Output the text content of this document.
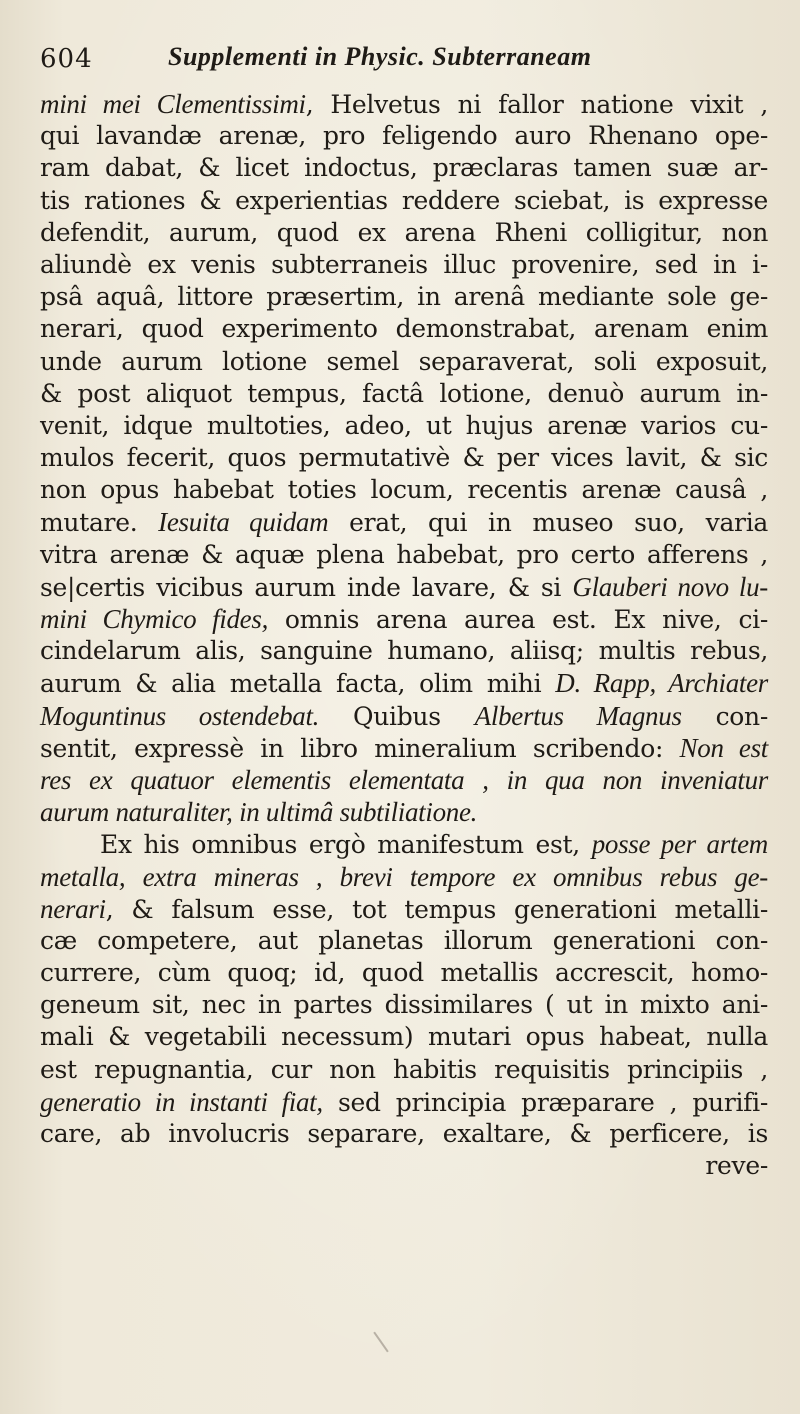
604	Supplementi in Physic. Subterraneam
mini mei Clementissimi, Helvetus ni fallor natione vixit ,
qui lavandæ arenæ, pro feligendo auro Rhenano ope-
ram dabat, & licet indoctus, præclaras tamen suæ ar-
tis rationes & experientias reddere sciebat, is expresse
defendit, aurum, quod ex arena Rheni colligitur, non
aliundè ex venis subterraneis illuc provenire, sed in i-
psâ aquâ, littore præsertim, in arenâ mediante sole ge-
nerari, quod experimento demonstrabat, arenam enim
unde aurum lotione semel separaverat, soli exposuit,
& post aliquot tempus, factâ lotione, denuò aurum in-
venit, idque multoties, adeo, ut hujus arenæ varios cu-
mulos fecerit, quos permutativè & per vices lavit, & sic
non opus habebat toties locum, recentis arenæ causâ ,
mutare. Iesuita quidam erat, qui in museo suo, varia
vitra arenæ & aquæ plena habebat, pro certo afferens ,
se|certis vicibus aurum inde lavare, & si Glauberi novo lu-
mini Chymico fides, omnis arena aurea est. Ex nive, ci-
cindelarum alis, sanguine humano, aliisq; multis rebus,
aurum & alia metalla facta, olim mihi D. Rapp, Archiater
Moguntinus ostendebat. Quibus Albertus Magnus con-
sentit, expressè in libro mineralium scribendo: Non est
res ex quatuor elementis elementata , in qua non inveniatur
aurum naturaliter, in ultimâ subtiliatione.
Ex his omnibus ergò manifestum est, posse per artem
metalla, extra mineras , brevi tempore ex omnibus rebus ge-
nerari, & falsum esse, tot tempus generationi metalli-
cæ competere, aut planetas illorum generationi con-
currere, cùm quoq; id, quod metallis accrescit, homo-
geneum sit, nec in partes dissimilares ( ut in mixto ani-
mali & vegetabili necessum) mutari opus habeat, nulla
est repugnantia, cur non habitis requisitis principiis ,
generatio in instanti fiat, sed principia præparare , purifi-
care, ab involucris separare, exaltare, & perficere, is
reve-
